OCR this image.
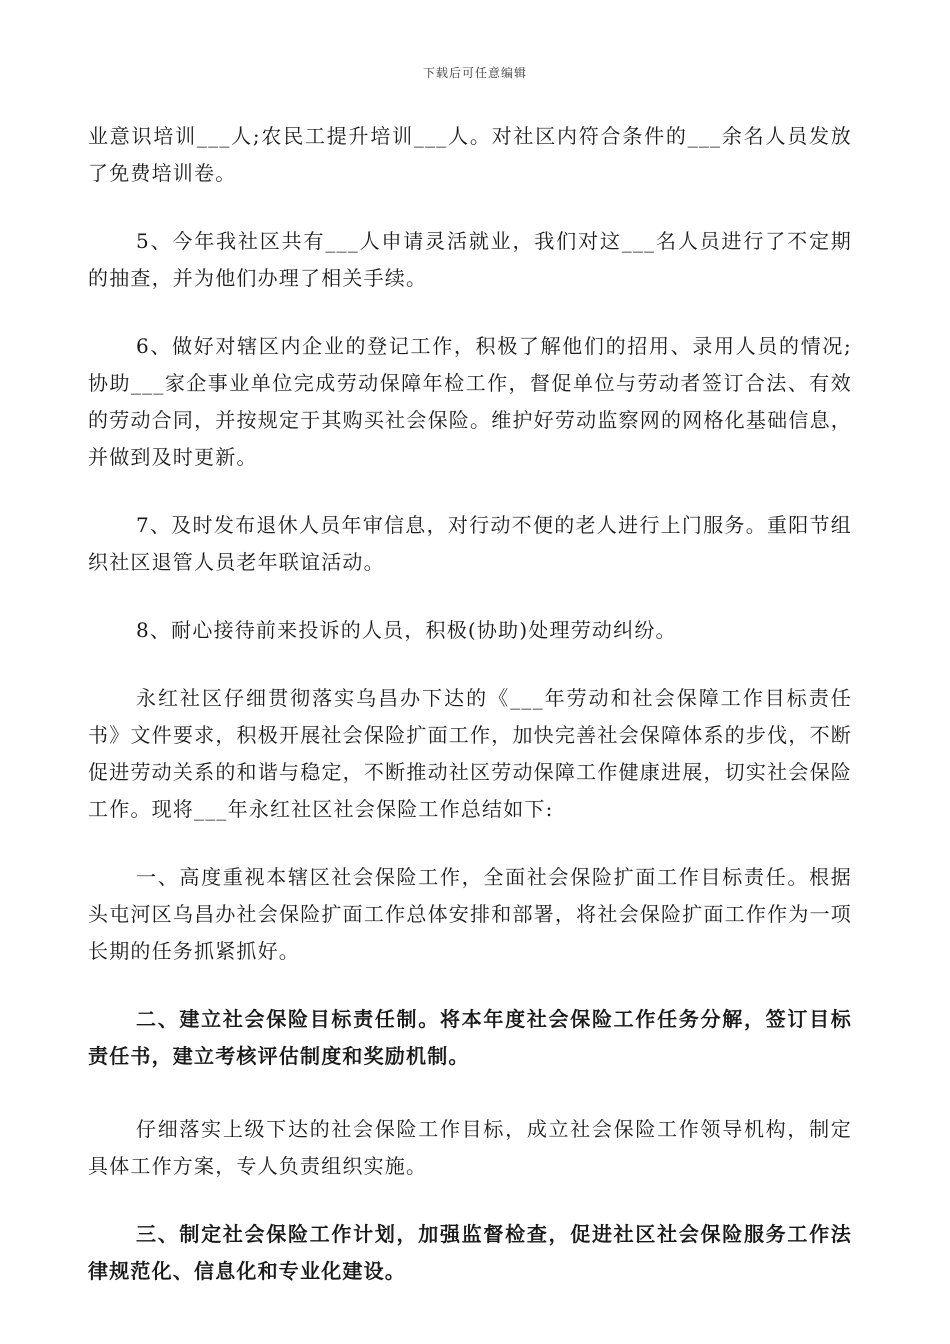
下载后可任意编辑

业意识培训___人;农民工提升培训___人。对社区内符合条件的___余名人员发放了免费培训卷。

5、今年我社区共有___人申请灵活就业，我们对这___名人员进行了不定期的抽查，并为他们办理了相关手续。

6、做好对辖区内企业的登记工作，积极了解他们的招用、录用人员的情况;协助___家企事业单位完成劳动保障年检工作，督促单位与劳动者签订合法、有效的劳动合同，并按规定于其购买社会保险。维护好劳动监察网的网格化基础信息，并做到及时更新。

7、及时发布退休人员年审信息，对行动不便的老人进行上门服务。重阳节组织社区退管人员老年联谊活动。

8、耐心接待前来投诉的人员，积极(协助)处理劳动纠纷。

永红社区仔细贯彻落实乌昌办下达的《___年劳动和社会保障工作目标责任书》文件要求，积极开展社会保险扩面工作，加快完善社会保障体系的步伐，不断促进劳动关系的和谐与稳定，不断推动社区劳动保障工作健康进展，切实社会保险工作。现将___年永红社区社会保险工作总结如下:

一、高度重视本辖区社会保险工作，全面社会保险扩面工作目标责任。根据头屯河区乌昌办社会保险扩面工作总体安排和部署，将社会保险扩面工作作为一项长期的任务抓紧抓好。

二、建立社会保险目标责任制。将本年度社会保险工作任务分解，签订目标责任书，建立考核评估制度和奖励机制。

仔细落实上级下达的社会保险工作目标，成立社会保险工作领导机构，制定具体工作方案，专人负责组织实施。

三、制定社会保险工作计划，加强监督检查，促进社区社会保险服务工作法律规范化、信息化和专业化建设。
